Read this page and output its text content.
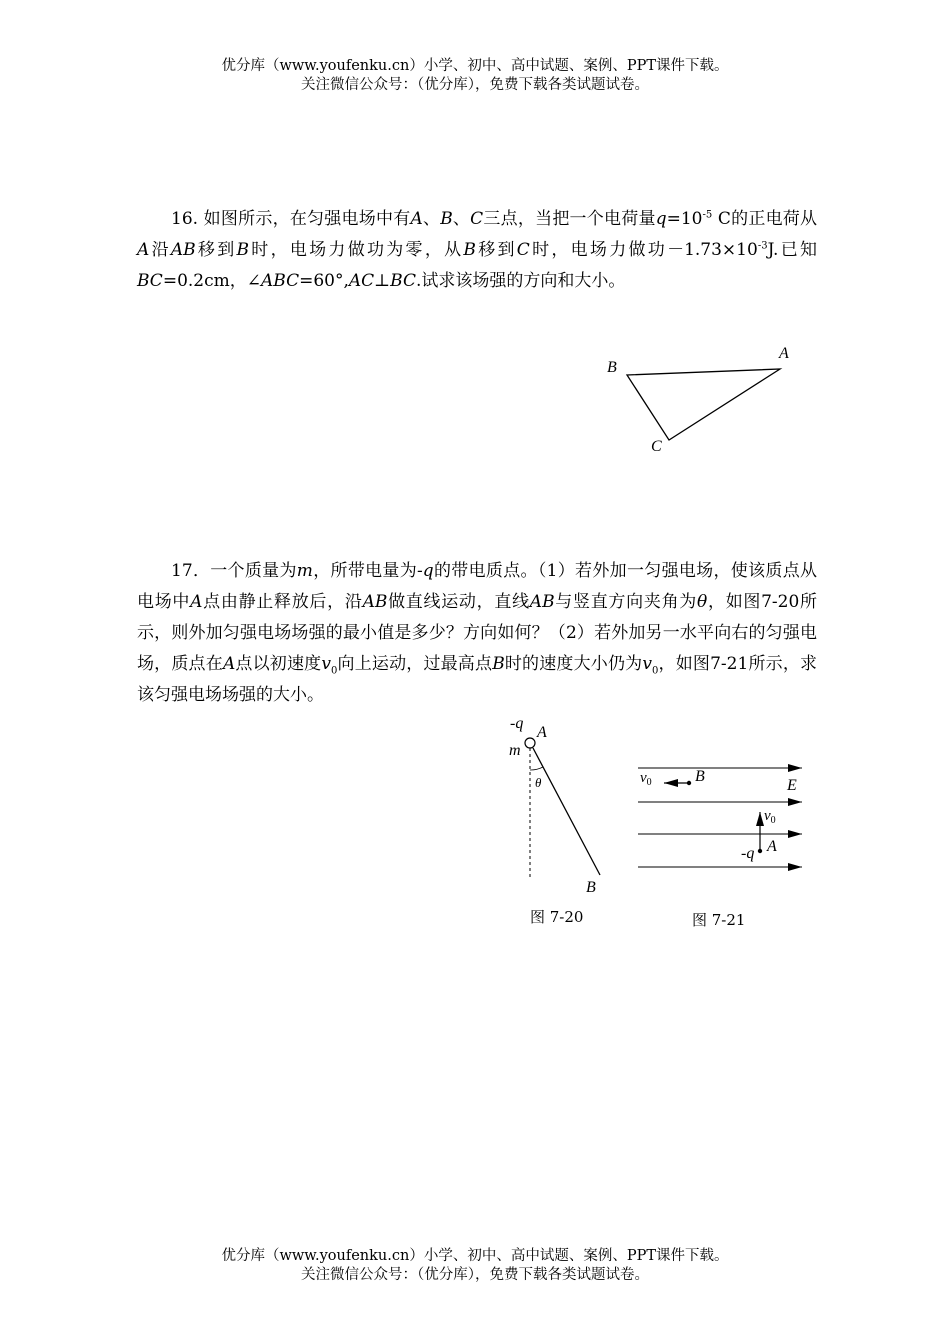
优分库（www.youfenku.cn）小学、初中、高中试题、案例、PPT课件下载。
关注微信公众号：（优分库），免费下载各类试题试卷。

16. 如图所示，在匀强电场中有A、B、C三点，当把一个电荷量$q=10^{-5}$ C的正电荷从A沿AB移到B时，电场力做功为零，从B移到C时，电场力做功$-1.73\times 10^{-3}J$.已知BC=0.2cm，∠ABC=60°,AC⊥BC.试求该场强的方向和大小。

B
A
C

17．一个质量为m，所带电量为-q的带电质点。（1）若外加一匀强电场，使该质点从电场中A点由静止释放后，沿AB做直线运动，直线AB与竖直方向夹角为θ，如图7-20所示，则外加匀强电场场强的最小值是多少？方向如何？（2）若外加另一水平向右的匀强电场，质点在A点以初速度$v_0$向上运动，过最高点B时的速度大小仍为$v_0$，如图7-21所示，求该匀强电场场强的大小。

-q
A
m
θ
B
图 7-20
$v_0$	B
E
$v_0$
-q A
图 7-21
优分库（www.youfenku.cn）小学、初中、高中试题、案例、PPT课件下载。
关注微信公众号：（优分库），免费下载各类试题试卷。
